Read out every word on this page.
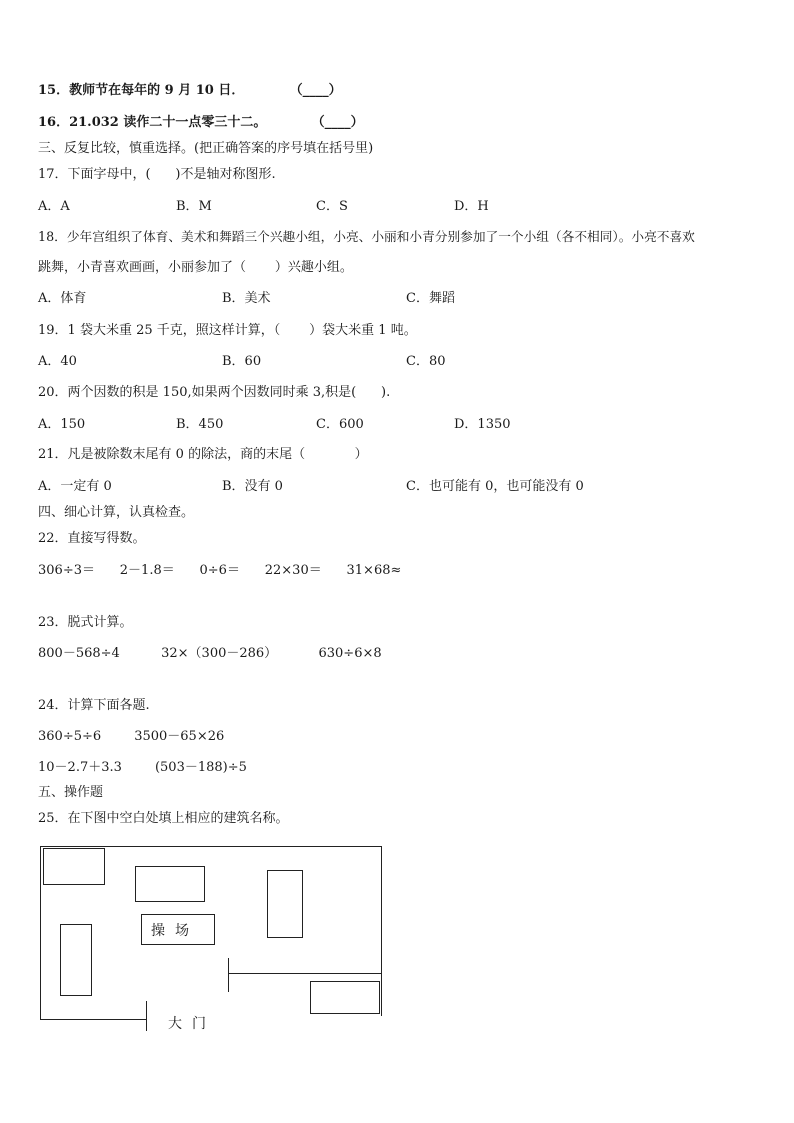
15．教师节在每年的 9 月 10 日．          （____）
16．21.032 读作二十一点零三十二。          （____）
三、反复比较，慎重选择。(把正确答案的序号填在括号里)
17．下面字母中，(      )不是轴对称图形.
A．A	B．M	C．S	D．H
18．少年宫组织了体育、美术和舞蹈三个兴趣小组，小亮、小丽和小青分别参加了一个小组（各不相同）。小亮不喜欢
跳舞，小青喜欢画画，小丽参加了（       ）兴趣小组。
A．体育	B．美术	C．舞蹈
19．1 袋大米重 25 千克，照这样计算，（       ）袋大米重 1 吨。
A．40	B．60	C．80
20．两个因数的积是 150,如果两个因数同时乘 3,积是(      ).
A．150	B．450	C．600	D．1350
21．凡是被除数末尾有 0 的除法，商的末尾（            ）
A．一定有 0	B．没有 0	C．也可能有 0，也可能没有 0
四、细心计算，认真检查。
22．直接写得数。
306÷3＝      2－1.8＝      0÷6＝      22×30＝      31×68≈
23．脱式计算。
800－568÷4          32×（300－286）          630÷6×8
24．计算下面各题.
360÷5÷6        3500－65×26
10－2.7＋3.3        (503－188)÷5
五、操作题
25．在下图中空白处填上相应的建筑名称。
操场
大门
